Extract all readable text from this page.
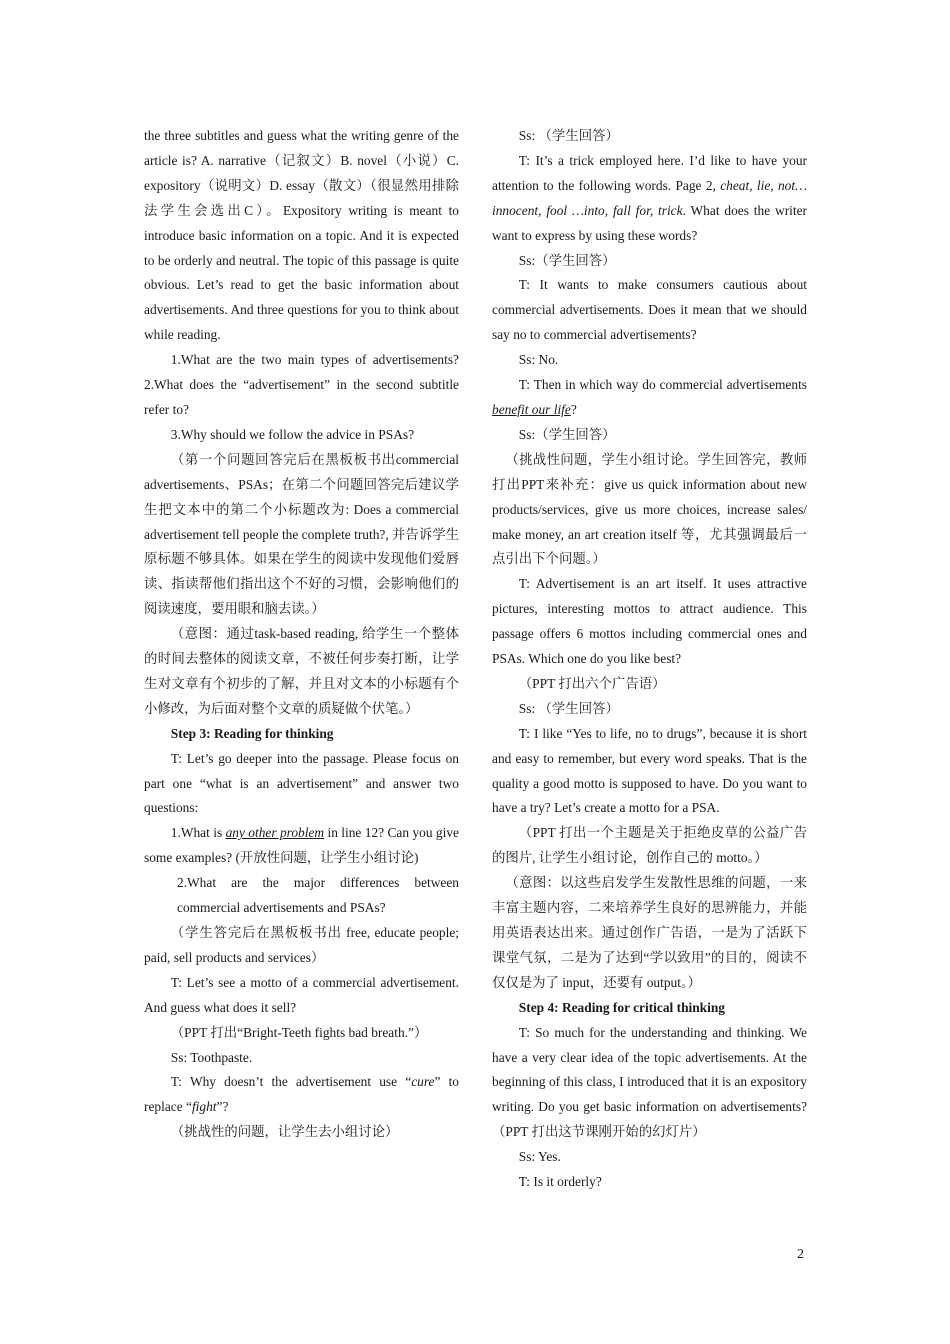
the three subtitles and guess what the writing genre of the article is? A. narrative（记叙文）B. novel（小说）C. expository（说明文）D. essay（散文）（很显然用排除法学生会选出C）。Expository writing is meant to introduce basic information on a topic. And it is expected to be orderly and neutral. The topic of this passage is quite obvious. Let’s read to get the basic information about advertisements. And three questions for you to think about while reading.

1.What are the two main types of advertisements?　2.What does the “advertisement” in the second subtitle refer to?

3.Why should we follow the advice in PSAs?

（第一个问题回答完后在黑板板书出commercial advertisements、PSAs；在第二个问题回答完后建议学生把文本中的第二个小标题改为: Does a commercial advertisement tell people the complete truth?, 并告诉学生原标题不够具体。如果在学生的阅读中发现他们爱唇读、指读帮他们指出这个不好的习惯，会影响他们的阅读速度，要用眼和脑去读。）

（意图：通过task-based reading, 给学生一个整体的时间去整体的阅读文章，不被任何步奏打断，让学生对文章有个初步的了解，并且对文本的小标题有个小修改，为后面对整个文章的质疑做个伏笔。）

Step 3: Reading for thinking

T: Let’s go deeper into the passage. Please focus on part one “what is an advertisement” and answer two questions:

1.What is any other problem in line 12? Can you give some examples? (开放性问题，让学生小组讨论)

2.What are the major differences between commercial advertisements and PSAs?

（学生答完后在黑板板书出 free, educate people; paid, sell products and services）

T: Let’s see a motto of a commercial advertisement. And guess what does it sell?

（PPT 打出“Bright-Teeth fights bad breath.”）

Ss: Toothpaste.

T: Why doesn’t the advertisement use “cure” to replace “fight”?

（挑战性的问题，让学生去小组讨论）

Ss: （学生回答）

T: It’s a trick employed here. I’d like to have your attention to the following words. Page 2, cheat, lie, not…innocent, fool …into, fall for, trick. What does the writer want to express by using these words?

Ss:（学生回答）

T: It wants to make consumers cautious about commercial advertisements. Does it mean that we should say no to commercial advertisements?

Ss: No.

T: Then in which way do commercial advertisements benefit our life?

Ss:（学生回答）

（挑战性问题，学生小组讨论。学生回答完，教师打出PPT来补充：give us quick information about new products/services, give us more choices, increase sales/ make money, an art creation itself 等，尤其强调最后一点引出下个问题。）

T: Advertisement is an art itself. It uses attractive pictures, interesting mottos to attract audience. This passage offers 6 mottos including commercial ones and PSAs. Which one do you like best?

（PPT 打出六个广告语）

Ss: （学生回答）

T: I like “Yes to life, no to drugs”, because it is short and easy to remember, but every word speaks. That is the quality a good motto is supposed to have. Do you want to have a try? Let’s create a motto for a PSA.

（PPT 打出一个主题是关于拒绝皮草的公益广告的图片, 让学生小组讨论，创作自己的 motto。）

（意图：以这些启发学生发散性思维的问题，一来丰富主题内容，二来培养学生良好的思辨能力，并能用英语表达出来。通过创作广告语，一是为了活跃下课堂气氛，二是为了达到“学以致用”的目的，阅读不仅仅是为了 input，还要有 output。）

Step 4: Reading for critical thinking

T: So much for the understanding and thinking. We have a very clear idea of the topic advertisements. At the beginning of this class, I introduced that it is an expository writing. Do you get basic information on advertisements?（PPT 打出这节课刚开始的幻灯片）

Ss: Yes.

T: Is it orderly?

2
